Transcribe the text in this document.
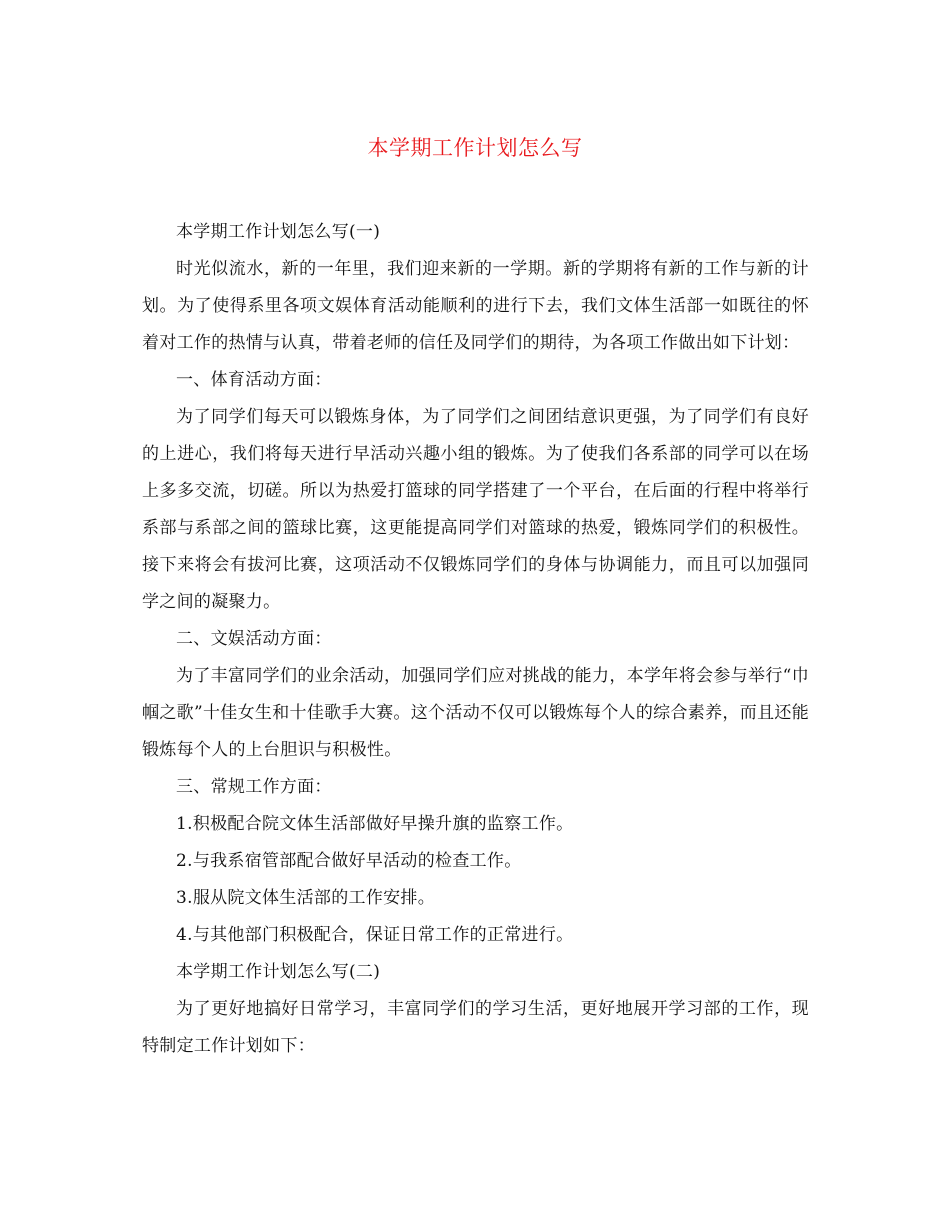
本学期工作计划怎么写

本学期工作计划怎么写(一)

时光似流水，新的一年里，我们迎来新的一学期。新的学期将有新的工作与新的计划。为了使得系里各项文娱体育活动能顺利的进行下去，我们文体生活部一如既往的怀着对工作的热情与认真，带着老师的信任及同学们的期待，为各项工作做出如下计划：

一、体育活动方面：

为了同学们每天可以锻炼身体，为了同学们之间团结意识更强，为了同学们有良好的上进心，我们将每天进行早活动兴趣小组的锻炼。为了使我们各系部的同学可以在场上多多交流，切磋。所以为热爱打篮球的同学搭建了一个平台，在后面的行程中将举行系部与系部之间的篮球比赛，这更能提高同学们对篮球的热爱，锻炼同学们的积极性。接下来将会有拔河比赛，这项活动不仅锻炼同学们的身体与协调能力，而且可以加强同学之间的凝聚力。

二、文娱活动方面：

为了丰富同学们的业余活动，加强同学们应对挑战的能力，本学年将会参与举行“巾帼之歌”十佳女生和十佳歌手大赛。这个活动不仅可以锻炼每个人的综合素养，而且还能锻炼每个人的上台胆识与积极性。

三、常规工作方面：

1.积极配合院文体生活部做好早操升旗的监察工作。

2.与我系宿管部配合做好早活动的检查工作。

3.服从院文体生活部的工作安排。

4.与其他部门积极配合，保证日常工作的正常进行。

本学期工作计划怎么写(二)

为了更好地搞好日常学习，丰富同学们的学习生活，更好地展开学习部的工作，现特制定工作计划如下：
